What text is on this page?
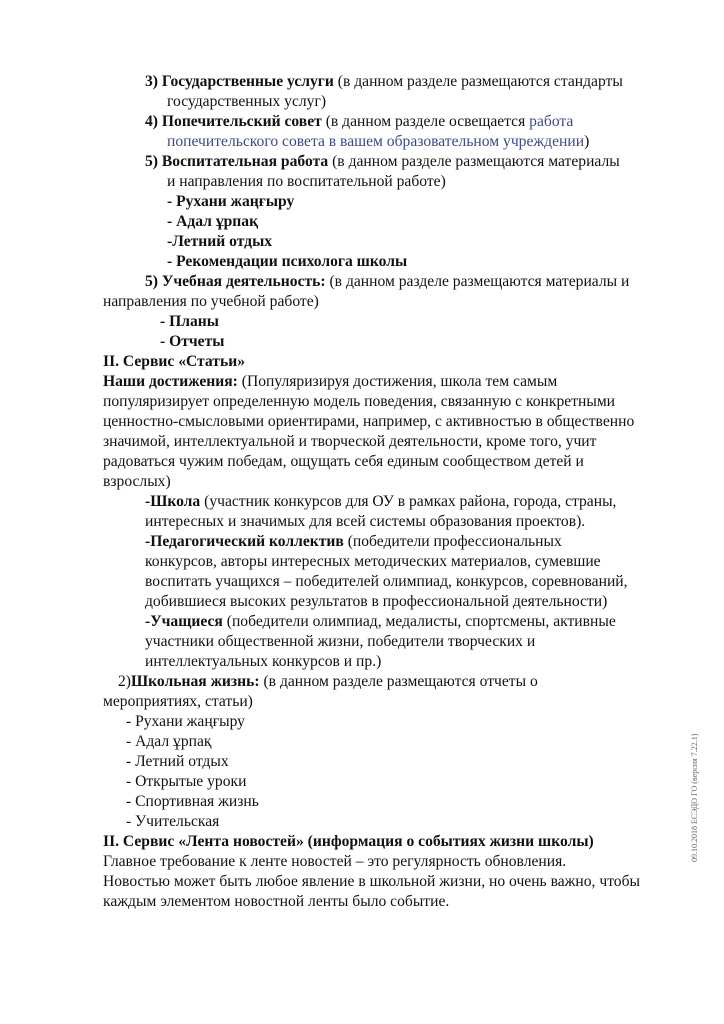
3) Государственные услуги (в данном разделе размещаются стандарты
государственных услуг)
4) Попечительский совет (в данном разделе освещается работа
попечительского совета в вашем образовательном учреждении)
5) Воспитательная работа (в данном разделе размещаются материалы
и направления по воспитательной работе)
- Рухани жаңғыру
- Адал ұрпақ
-Летний отдых
- Рекомендации психолога школы
5) Учебная деятельность: (в данном разделе размещаются материалы и
направления по учебной работе)
- Планы
- Отчеты
II. Сервис «Статьи»
Наши достижения: (Популяризируя достижения, школа тем самым
популяризирует определенную модель поведения, связанную с конкретными
ценностно-смысловыми ориентирами, например, с активностью в общественно
значимой, интеллектуальной и творческой деятельности, кроме того, учит
радоваться чужим победам, ощущать себя единым сообществом детей и
взрослых)
-Школа (участник конкурсов для ОУ в рамках района, города, страны,
интересных и значимых для всей системы образования проектов).
-Педагогический коллектив (победители профессиональных
конкурсов, авторы интересных методических материалов, сумевшие
воспитать учащихся – победителей олимпиад, конкурсов, соревнований,
добившиеся высоких результатов в профессиональной деятельности)
-Учащиеся (победители олимпиад, медалисты, спортсмены, активные
участники общественной жизни, победители творческих и
интеллектуальных конкурсов и пр.)
2)Школьная жизнь: (в данном разделе размещаются отчеты о
мероприятиях, статьи)
- Рухани жаңғыру
- Адал ұрпақ
- Летний отдых
- Открытые уроки
- Спортивная жизнь
- Учительская
II. Сервис «Лента новостей» (информация о событиях жизни школы)
Главное требование к ленте новостей – это регулярность обновления.
Новостью может быть любое явление в школьной жизни, но очень важно, чтобы
каждым элементом новостной ленты было событие.
09.10.2018 ЕСЭДО ГО (версия 7.22.1)
